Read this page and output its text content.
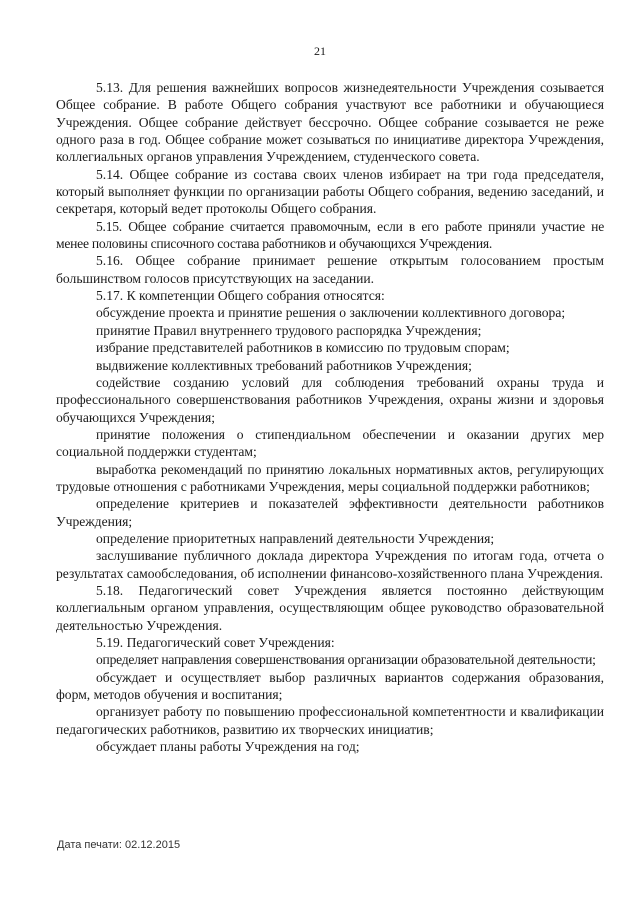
21

5.13. Для решения важнейших вопросов жизнедеятельности Учреждения созывается Общее собрание. В работе Общего собрания участвуют все работники и обучающиеся Учреждения. Общее собрание действует бессрочно. Общее собрание созывается не реже одного раза в год. Общее собрание может созываться по инициативе директора Учреждения, коллегиальных органов управления Учреждением, студенческого совета.

5.14. Общее собрание из состава своих членов избирает на три года председателя, который выполняет функции по организации работы Общего собрания, ведению заседаний, и секретаря, который ведет протоколы Общего собрания.

5.15. Общее собрание считается правомочным, если в его работе приняли участие не менее половины списочного состава работников и обучающихся Учреждения.

5.16. Общее собрание принимает решение открытым голосованием простым большинством голосов присутствующих на заседании.

5.17. К компетенции Общего собрания относятся:

обсуждение проекта и принятие решения о заключении коллективного договора;

принятие Правил внутреннего трудового распорядка Учреждения;

избрание представителей работников в комиссию по трудовым спорам;

выдвижение коллективных требований работников Учреждения;

содействие созданию условий для соблюдения требований охраны труда и профессионального совершенствования работников Учреждения, охраны жизни и здоровья обучающихся Учреждения;

принятие положения о стипендиальном обеспечении и оказании других мер социальной поддержки студентам;

выработка рекомендаций по принятию локальных нормативных актов, регулирующих трудовые отношения с работниками Учреждения, меры социальной поддержки работников;

определение критериев и показателей эффективности деятельности работников Учреждения;

определение приоритетных направлений деятельности Учреждения;

заслушивание публичного доклада директора Учреждения по итогам года, отчета о результатах самообследования, об исполнении финансово-хозяйственного плана Учреждения.

5.18. Педагогический совет Учреждения является постоянно действующим коллегиальным органом управления, осуществляющим общее руководство образовательной деятельностью Учреждения.

5.19. Педагогический совет Учреждения:

определяет направления совершенствования организации образовательной деятельности;

обсуждает и осуществляет выбор различных вариантов содержания образования, форм, методов обучения и воспитания;

организует работу по повышению профессиональной компетентности и квалификации педагогических работников, развитию их творческих инициатив;

обсуждает планы работы Учреждения на год;

Дата печати: 02.12.2015
